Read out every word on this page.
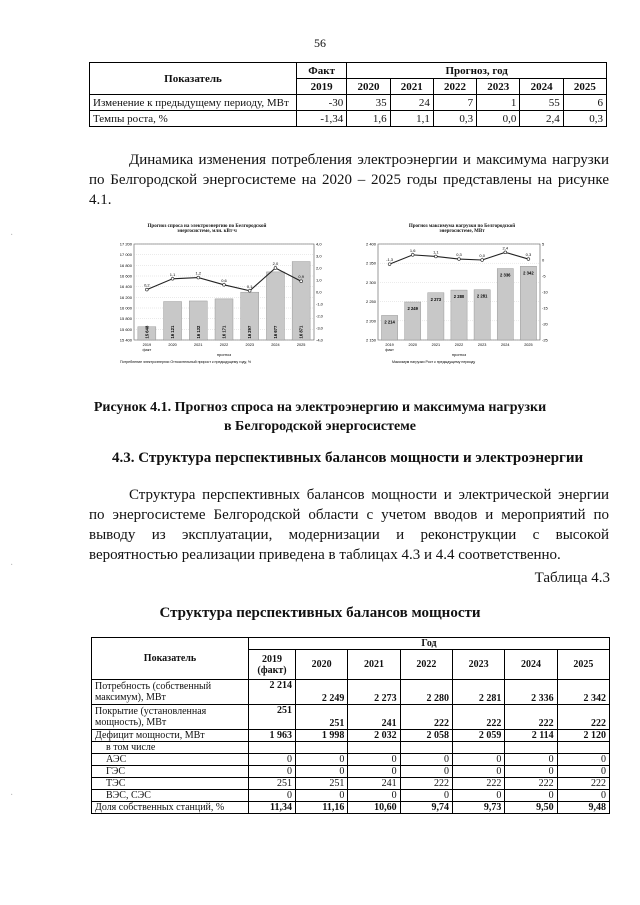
56
·
·
·
Показатель	Факт	Прогноз, год					
	2019	2020	2021	2022	2023	2024	2025
Изменение к предыдущему периоду, МВт	-30	35	24	7	1	55	6
Темпы роста, %	-1,34	1,6	1,1	0,3	0,0	2,4	0,3
Динамика изменения потребления электроэнергии и максимума нагрузки по Белгородской энергосистеме на 2020 – 2025 годы представлены на рисунке 4.1.
Прогноз спроса на электроэнергию по Белгородской энергосистеме, млн. кВт·ч
17 200
17 000
16 800
16 600
16 400
16 200
16 000
15 800
15 600
15 400
4,0
3,0
2,0
1,0
0,0
-1,0
-2,0
-3,0
-4,0
15 648
2019
16 121
2020
16 132
2021
16 171
2022
16 297
2023
16 677
2024
16 871
2025
факт
прогноз
0,2
1,1	1,2
0,6
0,1
2,0
0,9
Потребление электроэнергии Относительный прирост к предыдущему году, %
Прогноз максимума нагрузки по Белгородской энергосистеме, МВт
2 400
2 350
2 300
2 250
2 200
2 150
5
0
-5
-10
-15
-20
-25
2 214
2019
2 249
2020
2 273
2021
2 280
2022
2 281
2023
2 336
2024
2 342
2025
факт
прогноз
-1,3
1,6	1,1
0,3	0,0
2,4
0,3
Максимум нагрузки Рост к предыдущему периоду
Рисунок 4.1. Прогноз спроса на электроэнергию и максимума нагрузки
в Белгородской энергосистеме
4.3. Структура перспективных балансов мощности и электроэнергии
Структура перспективных балансов мощности и электрической энергии по энергосистеме Белгородской области с учетом вводов и мероприятий по выводу из эксплуатации, модернизации и реконструкции с высокой вероятностью реализации приведена в таблицах 4.3 и 4.4 соответственно.
Таблица 4.3
Структура перспективных балансов мощности
Показатель	Год						
	2019 (факт)	2020	2021	2022	2023	2024	2025
Потребность (собственный максимум), МВт	2 214	2 249	2 273	2 280	2 281	2 336	2 342
Покрытие (установленная мощность), МВт	251	251	241	222	222	222	222
Дефицит мощности, МВт	1 963	1 998	2 032	2 058	2 059	2 114	2 120
в том числе							
АЭС	0	0	0	0	0	0	0
ГЭС	0	0	0	0	0	0	0
ТЭС	251	251	241	222	222	222	222
ВЭС, СЭС	0	0	0	0	0	0	0
Доля собственных станций, %	11,34	11,16	10,60	9,74	9,73	9,50	9,48
